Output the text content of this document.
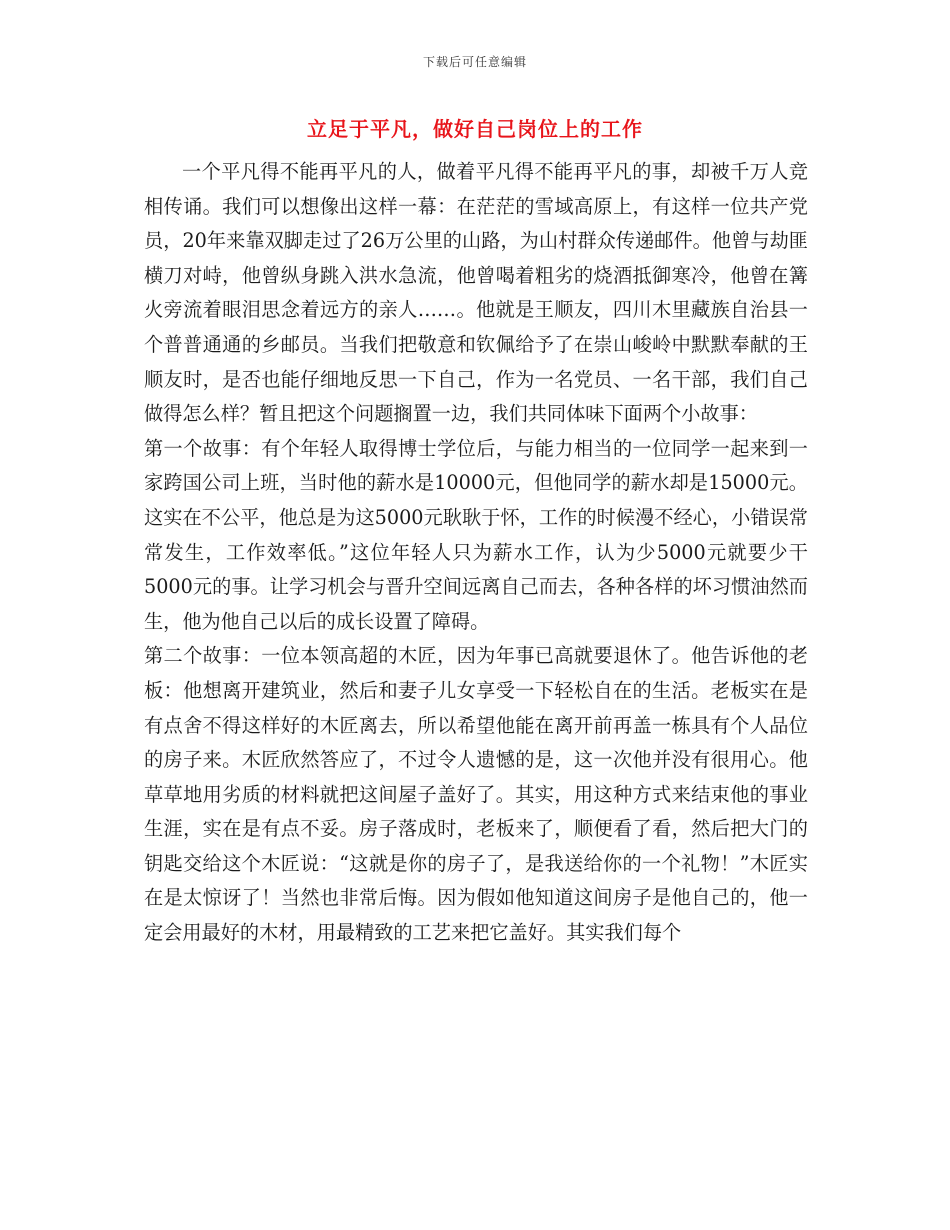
下载后可任意编辑
立足于平凡，做好自己岗位上的工作

一个平凡得不能再平凡的人，做着平凡得不能再平凡的事，却被千万人竞相传诵。我们可以想像出这样一幕：在茫茫的雪域高原上，有这样一位共产党员，20年来靠双脚走过了26万公里的山路，为山村群众传递邮件。他曾与劫匪横刀对峙，他曾纵身跳入洪水急流，他曾喝着粗劣的烧酒抵御寒冷，他曾在篝火旁流着眼泪思念着远方的亲人……。他就是王顺友，四川木里藏族自治县一个普普通通的乡邮员。当我们把敬意和钦佩给予了在崇山峻岭中默默奉献的王顺友时，是否也能仔细地反思一下自己，作为一名党员、一名干部，我们自己做得怎么样？暂且把这个问题搁置一边，我们共同体味下面两个小故事：

第一个故事：有个年轻人取得博士学位后，与能力相当的一位同学一起来到一家跨国公司上班，当时他的薪水是10000元，但他同学的薪水却是15000元。这实在不公平，他总是为这5000元耿耿于怀，工作的时候漫不经心，小错误常常发生，工作效率低。”这位年轻人只为薪水工作，认为少5000元就要少干5000元的事。让学习机会与晋升空间远离自己而去，各种各样的坏习惯油然而生，他为他自己以后的成长设置了障碍。

第二个故事：一位本领高超的木匠，因为年事已高就要退休了。他告诉他的老板：他想离开建筑业，然后和妻子儿女享受一下轻松自在的生活。老板实在是有点舍不得这样好的木匠离去，所以希望他能在离开前再盖一栋具有个人品位的房子来。木匠欣然答应了，不过令人遗憾的是，这一次他并没有很用心。他草草地用劣质的材料就把这间屋子盖好了。其实，用这种方式来结束他的事业生涯，实在是有点不妥。房子落成时，老板来了，顺便看了看，然后把大门的钥匙交给这个木匠说：“这就是你的房子了，是我送给你的一个礼物！”木匠实在是太惊讶了！当然也非常后悔。因为假如他知道这间房子是他自己的，他一定会用最好的木材，用最精致的工艺来把它盖好。其实我们每个
